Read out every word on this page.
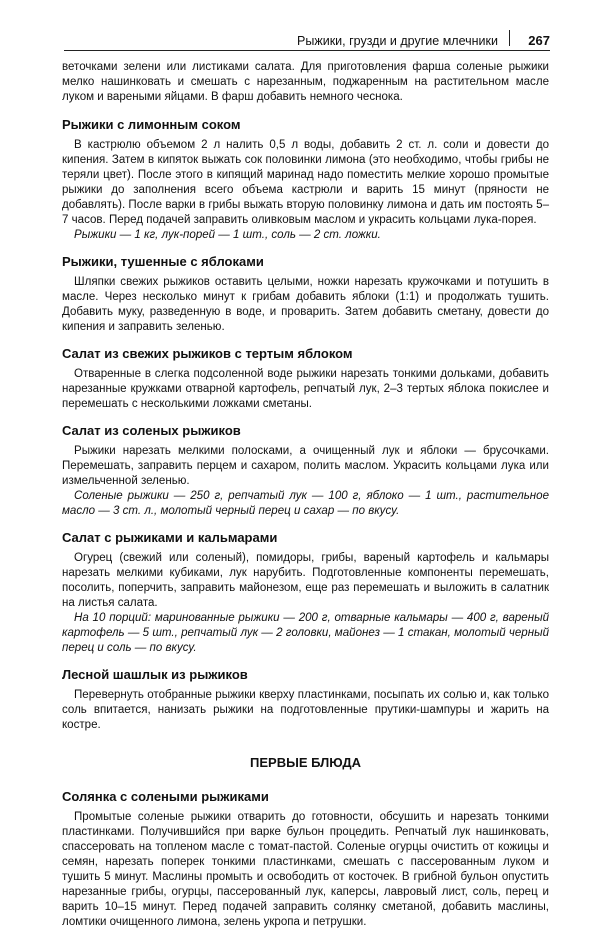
Рыжики, грузди и другие млечники 267

веточками зелени или листиками салата. Для приготовления фарша соленые рыжики мелко нашинковать и смешать с нарезанным, поджаренным на растительном масле луком и вареными яйцами. В фарш добавить немного чеснока.

Рыжики с лимонным соком

В кастрюлю объемом 2 л налить 0,5 л воды, добавить 2 ст. л. соли и довести до кипения. Затем в кипяток выжать сок половинки лимона (это необходимо, чтобы грибы не теряли цвет). После этого в кипящий маринад надо поместить мелкие хорошо промытые рыжики до заполнения всего объема кастрюли и варить 15 минут (пряности не добавлять). После варки в грибы выжать вторую половинку лимона и дать им постоять 5–7 часов. Перед подачей заправить оливковым маслом и украсить кольцами лука-порея.

Рыжики — 1 кг, лук-порей — 1 шт., соль — 2 ст. ложки.

Рыжики, тушенные с яблоками

Шляпки свежих рыжиков оставить целыми, ножки нарезать кружочками и потушить в масле. Через несколько минут к грибам добавить яблоки (1:1) и продолжать тушить. Добавить муку, разведенную в воде, и проварить. Затем добавить сметану, довести до кипения и заправить зеленью.

Салат из свежих рыжиков с тертым яблоком

Отваренные в слегка подсоленной воде рыжики нарезать тонкими дольками, добавить нарезанные кружками отварной картофель, репчатый лук, 2–3 тертых яблока покислее и перемешать с несколькими ложками сметаны.

Салат из соленых рыжиков

Рыжики нарезать мелкими полосками, а очищенный лук и яблоки — брусочками. Перемешать, заправить перцем и сахаром, полить маслом. Украсить кольцами лука или измельченной зеленью.

Соленые рыжики — 250 г, репчатый лук — 100 г, яблоко — 1 шт., растительное масло — 3 ст. л., молотый черный перец и сахар — по вкусу.

Салат с рыжиками и кальмарами

Огурец (свежий или соленый), помидоры, грибы, вареный картофель и кальмары нарезать мелкими кубиками, лук нарубить. Подготовленные компоненты перемешать, посолить, поперчить, заправить майонезом, еще раз перемешать и выложить в салатник на листья салата.

На 10 порций: маринованные рыжики — 200 г, отварные кальмары — 400 г, вареный картофель — 5 шт., репчатый лук — 2 головки, майонез — 1 стакан, молотый черный перец и соль — по вкусу.

Лесной шашлык из рыжиков

Перевернуть отобранные рыжики кверху пластинками, посыпать их солью и, как только соль впитается, нанизать рыжики на подготовленные прутики-шампуры и жарить на костре.

ПЕРВЫЕ БЛЮДА
Солянка с солеными рыжиками

Промытые соленые рыжики отварить до готовности, обсушить и нарезать тонкими пластинками. Получившийся при варке бульон процедить. Репчатый лук нашинковать, спассеровать на топленом масле с томат-пастой. Соленые огурцы очистить от кожицы и семян, нарезать поперек тонкими пластинками, смешать с пассерованным луком и тушить 5 минут. Маслины промыть и освободить от косточек. В грибной бульон опустить нарезанные грибы, огурцы, пассерованный лук, каперсы, лавровый лист, соль, перец и варить 10–15 минут. Перед подачей заправить солянку сметаной, добавить маслины, ломтики очищенного лимона, зелень укропа и петрушки.
